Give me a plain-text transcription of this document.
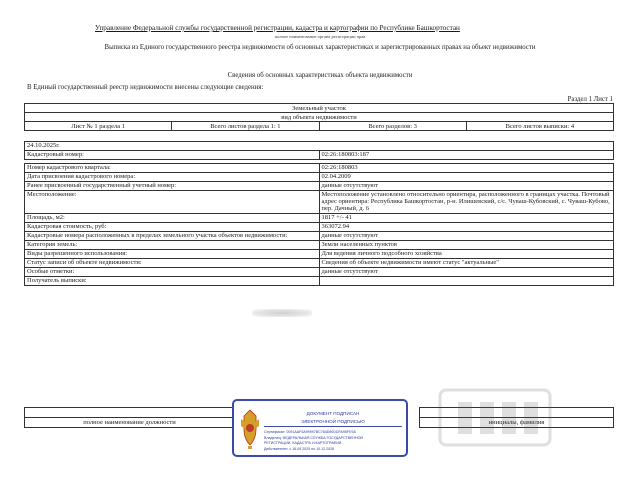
Управление Федеральной службы государственной регистрации, кадастра и картографии по Республике Башкортостан
полное наименование органа регистрации прав
Выписка из Единого государственного реестра недвижимости об основных характеристиках и зарегистрированных правах на объект недвижимости
Сведения об основных характеристиках объекта недвижимости
В Единый государственный реестр недвижимости внесены следующие сведения:
Раздел 1 Лист 1
Земельный участок
вид объекта недвижимости
Лист № 1 раздела 1	Всего листов раздела 1: 1	Всего разделов: 3	Всего листов выписки: 4
24.10.2025г.	
Кадастровый номер:	02:26:180803:187

Номер кадастрового квартала:	02:26:180803
Дата присвоения кадастрового номера:	02.04.2009
Ранее присвоенный государственный учетный номер:	данные отсутствуют
Местоположение:	Местоположение установлено относительно ориентира, расположенного в границах участка. Почтовый адрес ориентира: Республика Башкортостан, р-н. Илишевский, с/с. Чуваш-Кубовский, с. Чуваш-Кубово, пер. Дачный, д. 6
Площадь, м2:	1817 +/- 41
Кадастровая стоимость, руб:	363072.94
Кадастровые номера расположенных в пределах земельного участка объектов недвижимости:	данные отсутствуют
Категория земель:	Земли населенных пунктов
Виды разрешенного использования:	Для ведения личного подсобного хозяйства
Статус записи об объекте недвижимости:	Сведения об объекте недвижимости имеют статус "актуальные"
Особые отметки:	данные отсутствуют
Получатель выписки:	

полное наименование должности		инициалы, фамилия
ДОКУМЕНТ ПОДПИСАН
ЭЛЕКТРОННОЙ ПОДПИСЬЮ
Сертификат: 0091AAF5A99997BC784D90DDFA95FE9A
Владелец: ФЕДЕРАЛЬНАЯ СЛУЖБА ГОСУДАРСТВЕННОЙ
РЕГИСТРАЦИИ, КАДАСТРА И КАРТОГРАФИИ
Действителен: с 16.09.2025 по 10.12.2026
